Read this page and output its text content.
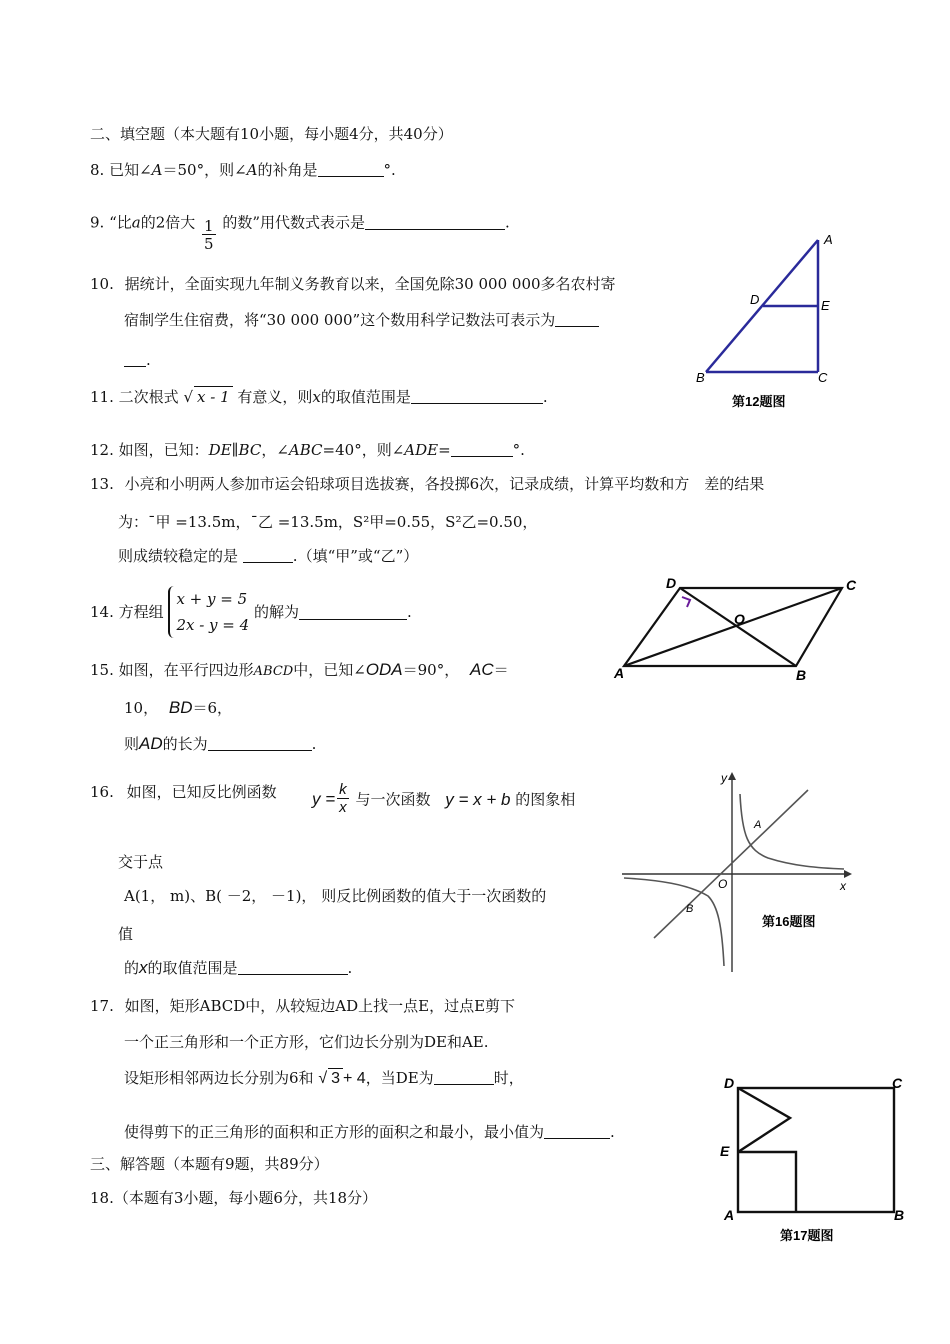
二、填空题（本大题有10小题，每小题4分，共40分）
8. 已知∠A＝50°，则∠A的补角是	°.
9. “比a的2倍大 $\frac{1}{5}$ 的数”用代数式表示是	.
10. 据统计，全面实现九年制义务教育以来，全国免除30 000 000多名农村寄
宿制学生住宿费，将“30 000 000”这个数用科学记数法可表示为
.
11. 二次根式 √ x - 1 有意义，则x的取值范围是	.
12. 如图，已知：DE∥BC，∠ABC=40°，则∠ADE=	°.
13. 小亮和小明两人参加市运会铅球项目选拔赛，各投掷6次，记录成绩，计算平均数和方　差的结果
为：ˉ甲 =13.5m，ˉ乙 =13.5m，S²甲=0.55，S²乙=0.50，
则成绩较稳定的是	.（填“甲”或“乙”）
14. 方程组
x + y = 5
2x - y = 4
的解为	.
15. 如图，在平行四边形ABCD中，已知∠ODA＝90°， AC＝
10， BD＝6，
则AD的长为	.
16. 如图，已知反比例函数 $y = \frac{k}{x}$ 与一次函数 y = x + b 的图象相
交于点
A(1， m)、B( －2， －1)， 则反比例函数的值大于一次函数的
值
的x的取值范围是	.
17. 如图，矩形ABCD中，从较短边AD上找一点E，过点E剪下
一个正三角形和一个正方形，它们边长分别为DE和AE.
设矩形相邻两边长分别为6和 √ 3 + 4，当DE为	时，
使得剪下的正三角形的面积和正方形的面积之和最小，最小值为	.
三、解答题（本题有9题，共89分）
18.（本题有3小题，每小题6分，共18分）
A
D	E
B	C
第12题图
A	B
C
D
O
y
x
O
A
B
第16题图
D	C
E
A	B
第17题图
